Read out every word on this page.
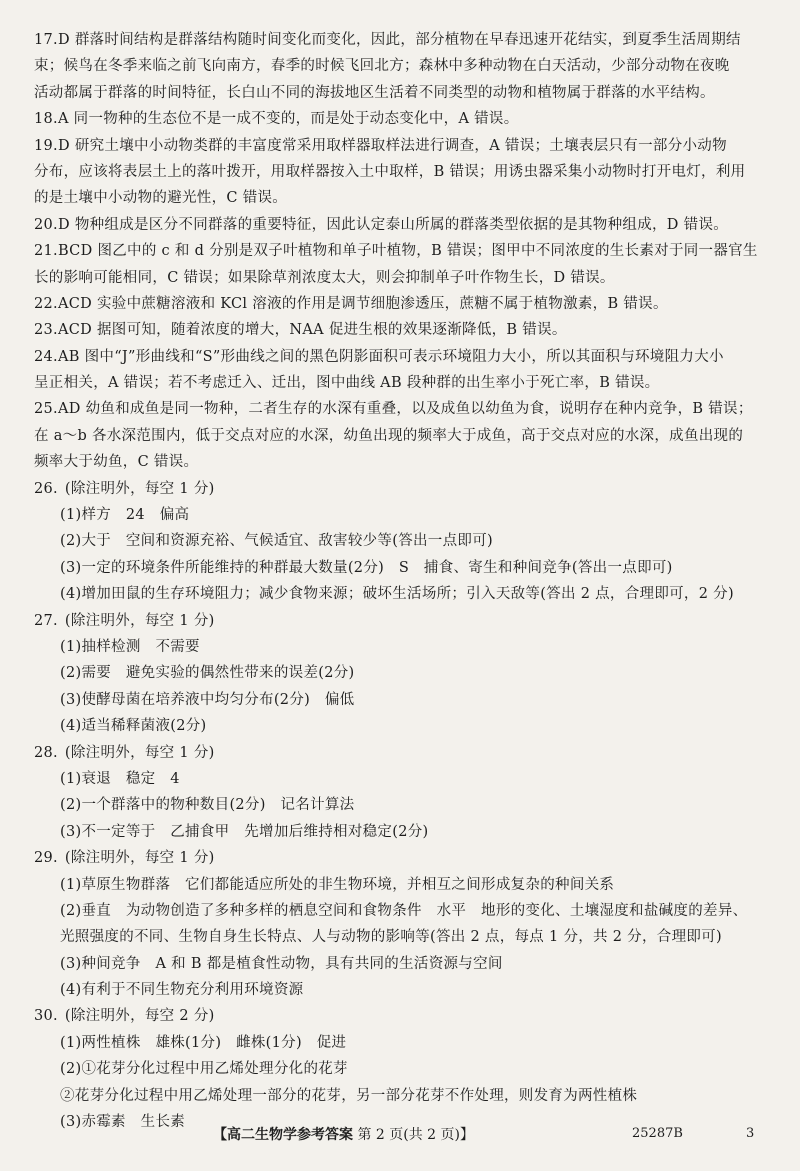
17.D 群落时间结构是群落结构随时间变化而变化，因此，部分植物在早春迅速开花结实，到夏季生活周期结
束；候鸟在冬季来临之前飞向南方，春季的时候飞回北方；森林中多种动物在白天活动，少部分动物在夜晚
活动都属于群落的时间特征，长白山不同的海拔地区生活着不同类型的动物和植物属于群落的水平结构。
18.A 同一物种的生态位不是一成不变的，而是处于动态变化中，A 错误。
19.D 研究土壤中小动物类群的丰富度常采用取样器取样法进行调查，A 错误；土壤表层只有一部分小动物
分布，应该将表层土上的落叶拨开，用取样器按入土中取样，B 错误；用诱虫器采集小动物时打开电灯，利用
的是土壤中小动物的避光性，C 错误。
20.D 物种组成是区分不同群落的重要特征，因此认定泰山所属的群落类型依据的是其物种组成，D 错误。
21.BCD 图乙中的 c 和 d 分别是双子叶植物和单子叶植物，B 错误；图甲中不同浓度的生长素对于同一器官生
长的影响可能相同，C 错误；如果除草剂浓度太大，则会抑制单子叶作物生长，D 错误。
22.ACD 实验中蔗糖溶液和 KCl 溶液的作用是调节细胞渗透压，蔗糖不属于植物激素，B 错误。
23.ACD 据图可知，随着浓度的增大，NAA 促进生根的效果逐渐降低，B 错误。
24.AB 图中“J”形曲线和“S”形曲线之间的黑色阴影面积可表示环境阻力大小，所以其面积与环境阻力大小
呈正相关，A 错误；若不考虑迁入、迁出，图中曲线 AB 段种群的出生率小于死亡率，B 错误。
25.AD 幼鱼和成鱼是同一物种，二者生存的水深有重叠，以及成鱼以幼鱼为食，说明存在种内竞争，B 错误；
在 a～b 各水深范围内，低于交点对应的水深，幼鱼出现的频率大于成鱼，高于交点对应的水深，成鱼出现的
频率大于幼鱼，C 错误。
26. (除注明外，每空 1 分)
(1)样方　24　偏高
(2)大于　空间和资源充裕、气候适宜、敌害较少等(答出一点即可)
(3)一定的环境条件所能维持的种群最大数量(2分)　S　捕食、寄生和种间竞争(答出一点即可)
(4)增加田鼠的生存环境阻力；减少食物来源；破坏生活场所；引入天敌等(答出 2 点，合理即可，2 分)
27. (除注明外，每空 1 分)
(1)抽样检测　不需要
(2)需要　避免实验的偶然性带来的误差(2分)
(3)使酵母菌在培养液中均匀分布(2分)　偏低
(4)适当稀释菌液(2分)
28. (除注明外，每空 1 分)
(1)衰退　稳定　4
(2)一个群落中的物种数目(2分)　记名计算法
(3)不一定等于　乙捕食甲　先增加后维持相对稳定(2分)
29. (除注明外，每空 1 分)
(1)草原生物群落　它们都能适应所处的非生物环境，并相互之间形成复杂的种间关系
(2)垂直　为动物创造了多种多样的栖息空间和食物条件　水平　地形的变化、土壤湿度和盐碱度的差异、
光照强度的不同、生物自身生长特点、人与动物的影响等(答出 2 点，每点 1 分，共 2 分，合理即可)
(3)种间竞争　A 和 B 都是植食性动物，具有共同的生活资源与空间
(4)有利于不同生物充分利用环境资源
30. (除注明外，每空 2 分)
(1)两性植株　雄株(1分)　雌株(1分)　促进
(2)①花芽分化过程中用乙烯处理分化的花芽
②花芽分化过程中用乙烯处理一部分的花芽，另一部分花芽不作处理，则发育为两性植株
(3)赤霉素　生长素
【高二生物学参考答案 第 2 页(共 2 页)】	25287B	3
